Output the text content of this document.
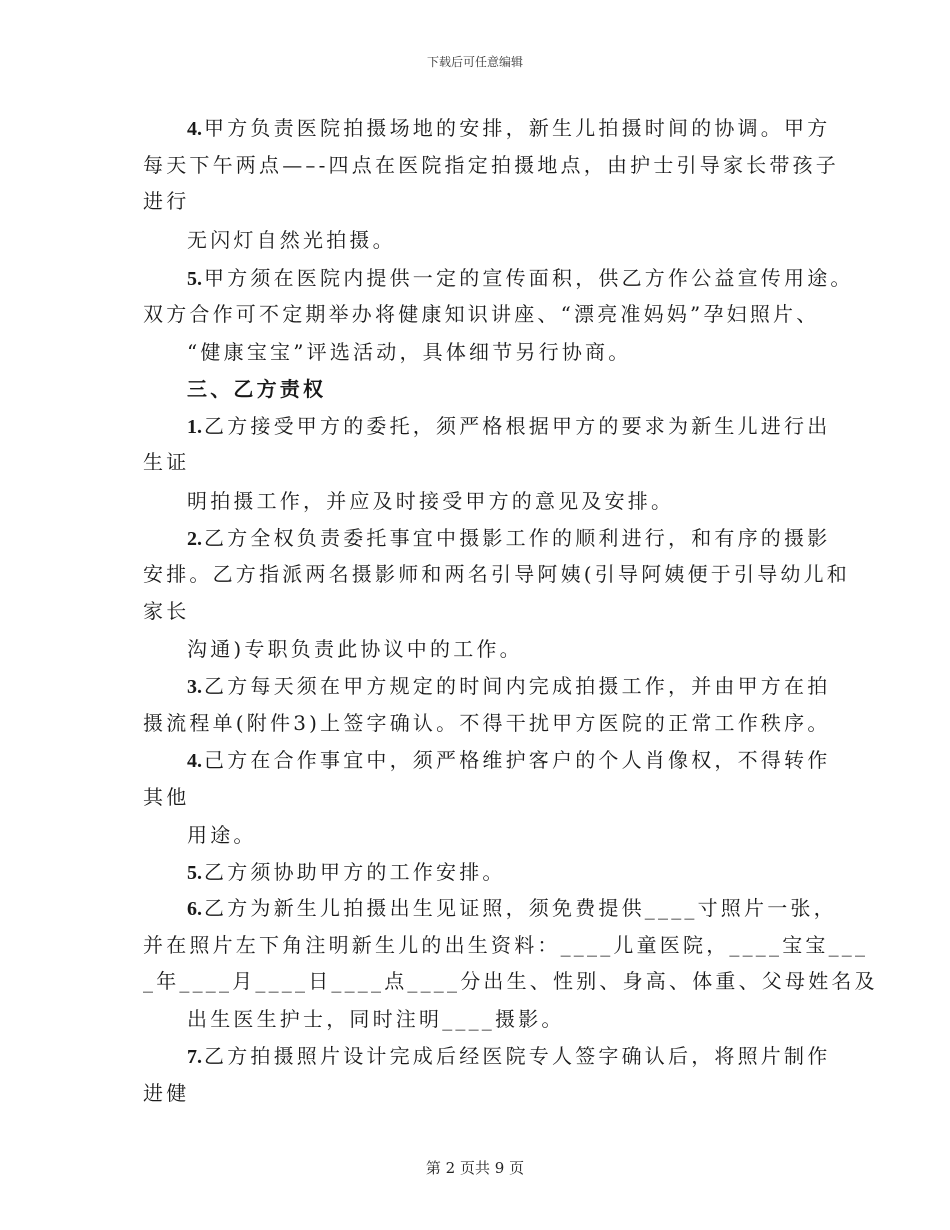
下载后可任意编辑
4. 甲方负责医院拍摄场地的安排，新生儿拍摄时间的协调。甲方
每天下午两点—–-四点在医院指定拍摄地点，由护士引导家长带孩子
进行
无闪灯自然光拍摄。
5. 甲方须在医院内提供一定的宣传面积，供乙方作公益宣传用途。
双方合作可不定期举办将健康知识讲座、“漂亮准妈妈”孕妇照片、
“健康宝宝”评选活动，具体细节另行协商。
三、乙方责权
1. 乙方接受甲方的委托，须严格根据甲方的要求为新生儿进行出
生证
明拍摄工作，并应及时接受甲方的意见及安排。
2. 乙方全权负责委托事宜中摄影工作的顺利进行，和有序的摄影
安排。乙方指派两名摄影师和两名引导阿姨(引导阿姨便于引导幼儿和
家长
沟通)专职负责此协议中的工作。
3. 乙方每天须在甲方规定的时间内完成拍摄工作，并由甲方在拍
摄流程单(附件3)上签字确认。不得干扰甲方医院的正常工作秩序。
4. 己方在合作事宜中，须严格维护客户的个人肖像权，不得转作
其他
用途。
5. 乙方须协助甲方的工作安排。
6. 乙方为新生儿拍摄出生见证照，须免费提供____寸照片一张，
并在照片左下角注明新生儿的出生资料：____儿童医院，____宝宝___
_年____月____日____点____分出生、性别、身高、体重、父母姓名及
出生医生护士，同时注明____摄影。
7. 乙方拍摄照片设计完成后经医院专人签字确认后，将照片制作
进健
第 2 页共 9 页
